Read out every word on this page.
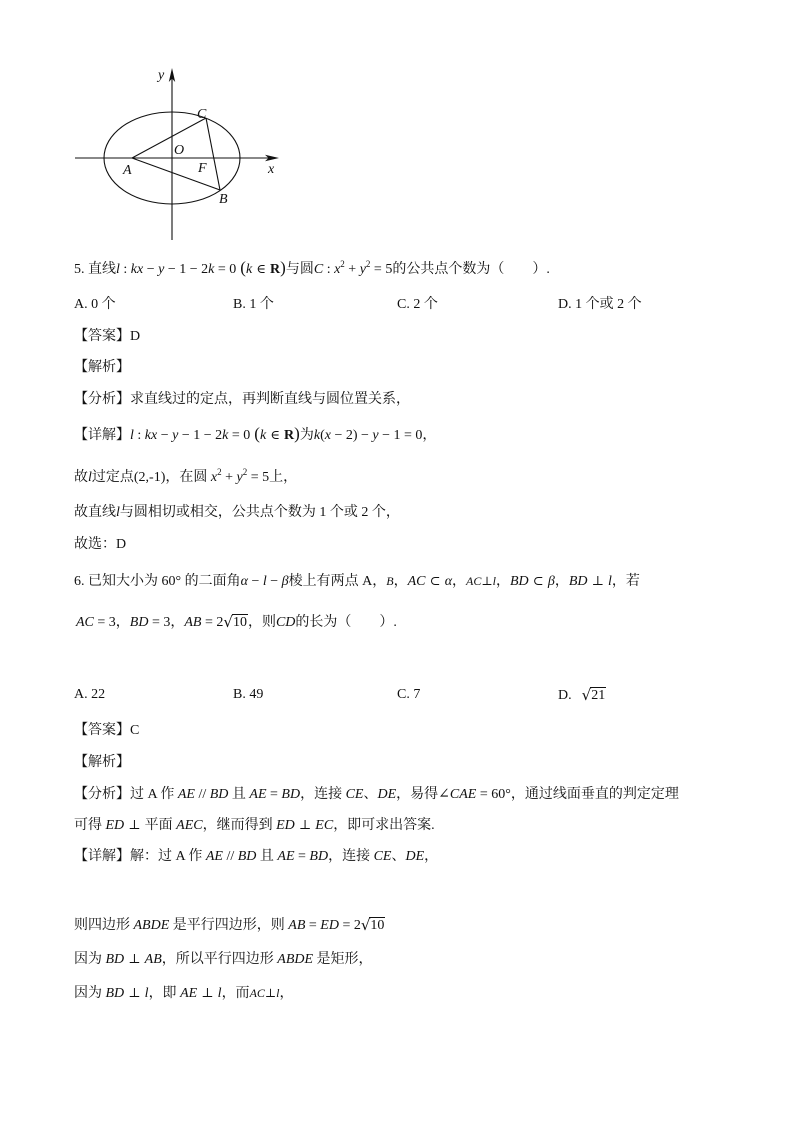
y
x
C
O
A	F
B
5. 直线l : kx − y − 1 − 2k = 0 (k ∈ R)与圆C : $x^2 + y^2 = 5$的公共点个数为（　　）.
A. 0 个	B. 1 个	C. 2 个	D. 1 个或 2 个
【答案】D
【解析】
【分析】求直线过的定点，再判断直线与圆位置关系，
【详解】l : kx − y − 1 − 2k = 0 (k ∈ R)为k(x − 2) − y − 1 = 0，
故l过定点(2,-1)，在圆 $x^2 + y^2 = 5$上，
故直线l与圆相切或相交，公共点个数为 1 个或 2 个，
故选：D
6. 已知大小为 60° 的二面角α − l − β棱上有两点 A，B，AC ⊂ α，AC⊥l，BD ⊂ β，BD ⊥ l，若
AC = 3，BD = 3，AB = 2√10，则CD的长为（　　）.
A. 22	B. 49	C. 7	D. √21
【答案】C
【解析】
【分析】过 A 作 AE // BD 且 AE = BD，连接 CE、DE，易得∠CAE = 60°，通过线面垂直的判定定理
可得 ED ⊥ 平面 AEC，继而得到 ED ⊥ EC，即可求出答案.
【详解】解：过 A 作 AE // BD 且 AE = BD，连接 CE、DE，
则四边形 ABDE 是平行四边形，则 AB = ED = 2√10
因为 BD ⊥ AB，所以平行四边形 ABDE 是矩形，
因为 BD ⊥ l，即 AE ⊥ l，而AC⊥l，
